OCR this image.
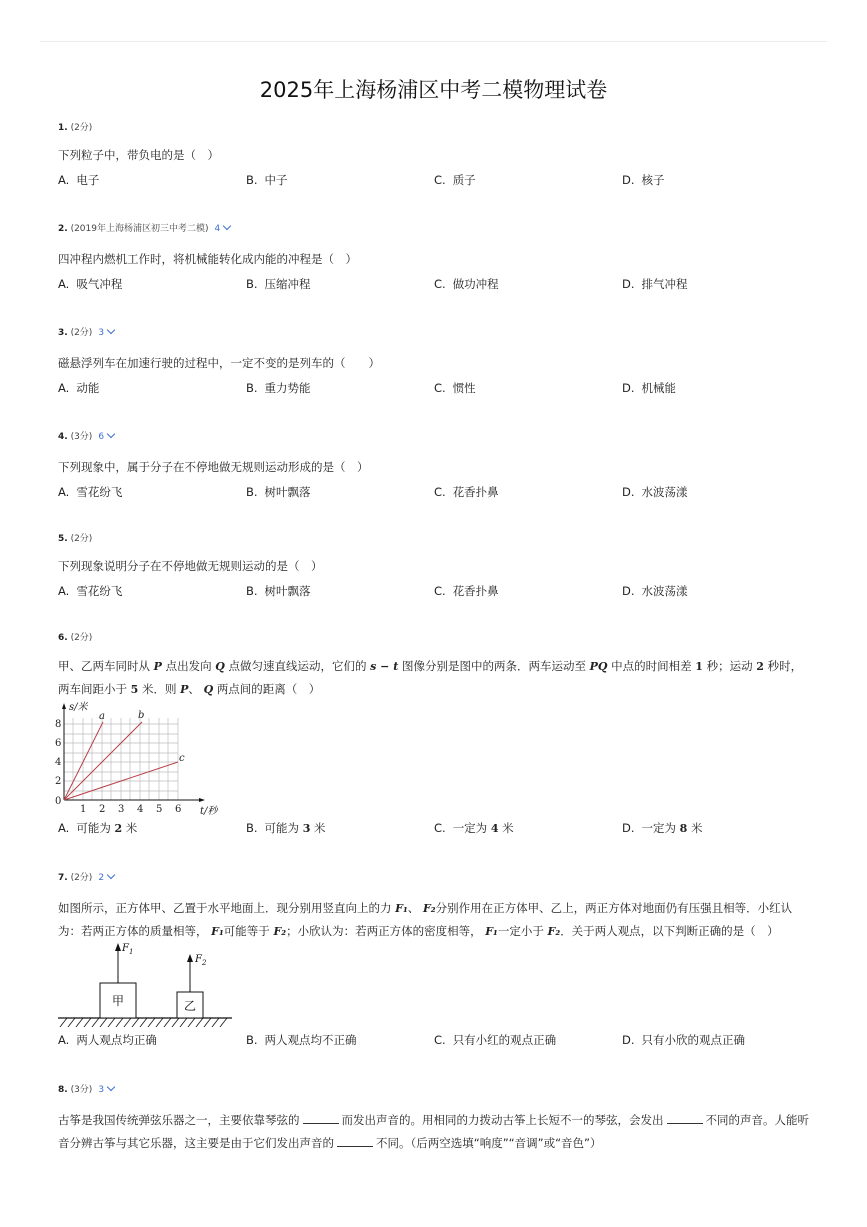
2025年上海杨浦区中考二模物理试卷
1. (2分)
下列粒子中，带负电的是（　）
A. 电子	B. 中子	C. 质子	D. 核子
2. (2019年上海杨浦区初三中考二模) 4
四冲程内燃机工作时，将机械能转化成内能的冲程是（　）
A. 吸气冲程	B. 压缩冲程	C. 做功冲程	D. 排气冲程
3. (2分) 3
磁悬浮列车在加速行驶的过程中，一定不变的是列车的（　　）
A. 动能	B. 重力势能	C. 惯性	D. 机械能
4. (3分) 6
下列现象中，属于分子在不停地做无规则运动形成的是（　）
A. 雪花纷飞	B. 树叶飘落	C. 花香扑鼻	D. 水波荡漾
5. (2分)
下列现象说明分子在不停地做无规则运动的是（　）
A. 雪花纷飞	B. 树叶飘落	C. 花香扑鼻	D. 水波荡漾
6. (2分)
甲、乙两车同时从 P 点出发向 Q 点做匀速直线运动，它们的 s − t 图像分别是图中的两条．两车运动至 PQ 中点的时间相差 1 秒；运动 2 秒时，
两车间距小于 5 米．则 P、 Q 两点间的距离（　）
8
6
4
2
0
1 2 3 4 5 6
s/米
t/秒
a	b
c
A. 可能为 2 米	B. 可能为 3 米	C. 一定为 4 米	D. 一定为 8 米
7. (2分) 2
如图所示，正方体甲、乙置于水平地面上．现分别用竖直向上的力 F₁、 F₂分别作用在正方体甲、乙上，两正方体对地面仍有压强且相等．小红认
为：若两正方体的质量相等， F₁可能等于 F₂；小欣认为：若两正方体的密度相等， F₁一定小于 F₂．关于两人观点，以下判断正确的是（　）
甲
$F_1$
乙
$F_2$
A. 两人观点均正确	B. 两人观点均不正确	C. 只有小红的观点正确	D. 只有小欣的观点正确
8. (3分) 3
古筝是我国传统弹弦乐器之一，主要依靠琴弦的	而发出声音的。用相同的力拨动古筝上长短不一的琴弦，会发出	不同的声音。人能听
音分辨古筝与其它乐器，这主要是由于它们发出声音的	不同。（后两空选填“响度”“音调”或“音色”）
